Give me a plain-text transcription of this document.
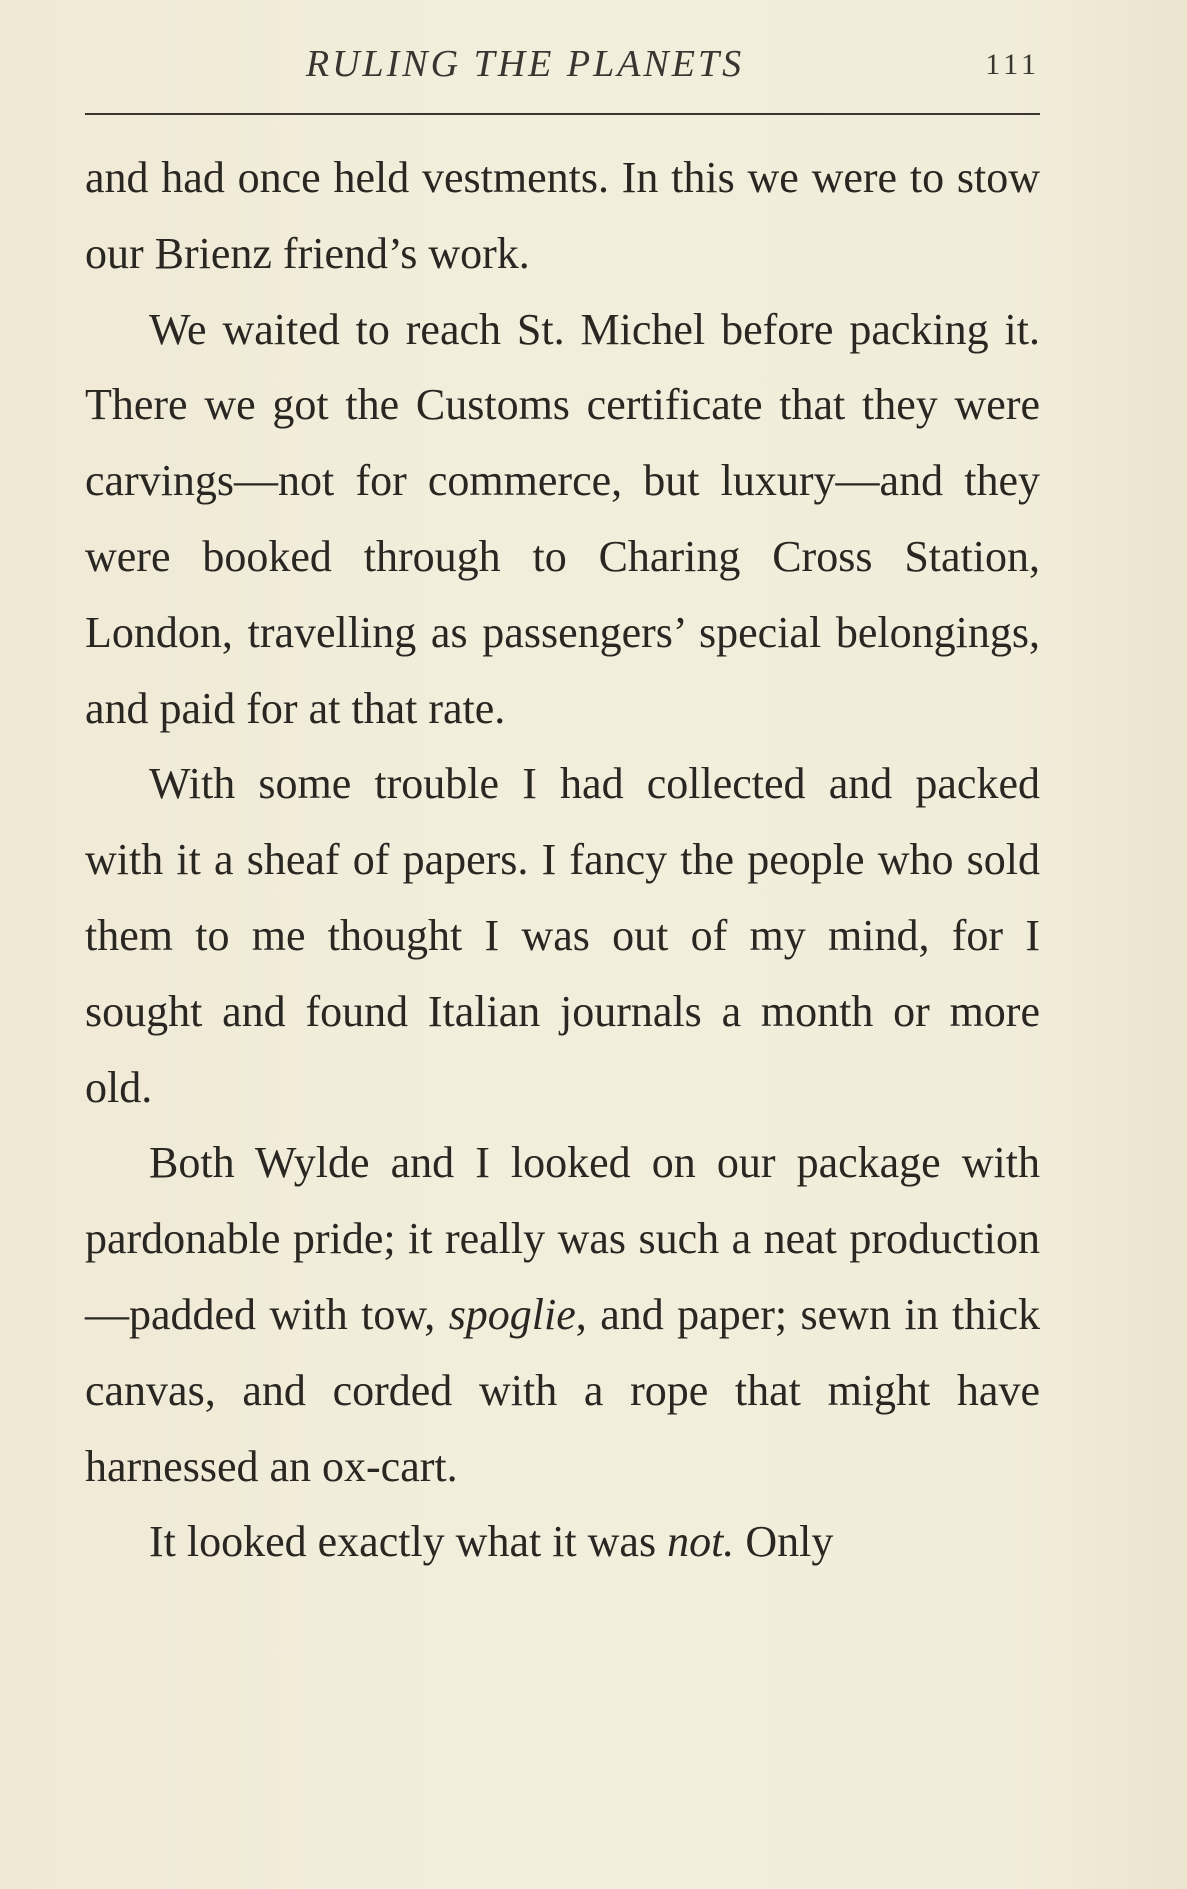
RULING THE PLANETS	111

and had once held vestments. In this we were to stow our Brienz friend’s work.

We waited to reach St. Michel before packing it. There we got the Customs certificate that they were carvings—not for commerce, but luxury—and they were booked through to Charing Cross Station, London, travelling as passengers’ special belongings, and paid for at that rate.

With some trouble I had collected and packed with it a sheaf of papers. I fancy the people who sold them to me thought I was out of my mind, for I sought and found Italian journals a month or more old.

Both Wylde and I looked on our package with pardonable pride; it really was such a neat production—padded with tow, spoglie, and paper; sewn in thick canvas, and corded with a rope that might have harnessed an ox-cart.

It looked exactly what it was not. Only
